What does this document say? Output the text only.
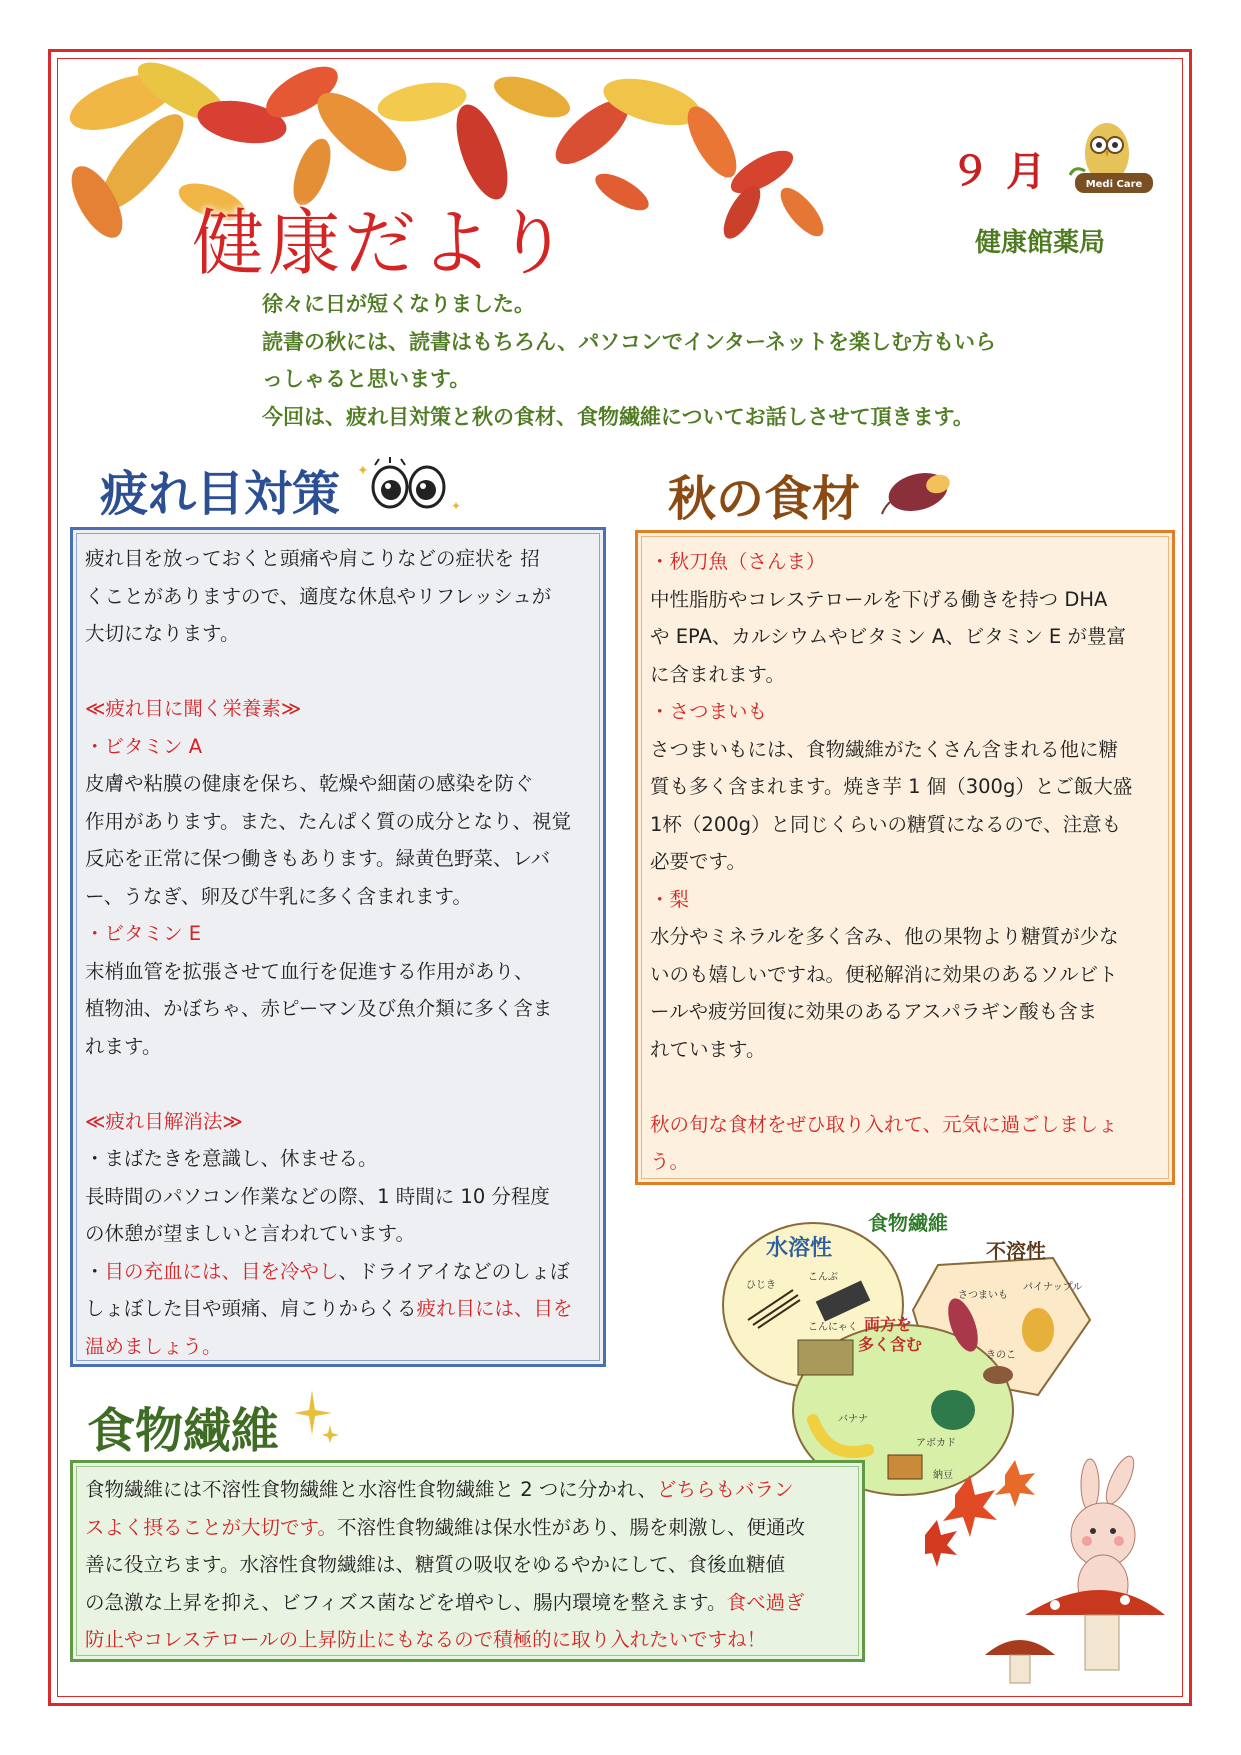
健康だより
９月 Medi Care
健康館薬局

徐々に日が短くなりました。

読書の秋には、読書はもちろん、パソコンでインターネットを楽しむ方もいら

っしゃると思います。

今回は、疲れ目対策と秋の食材、食物繊維についてお話しさせて頂きます。

疲れ目対策 ✦
✦

疲れ目を放っておくと頭痛や肩こりなどの症状を 招

くことがありますので、適度な休息やリフレッシュが

大切になります。

≪疲れ目に聞く栄養素≫

・ビタミン A

皮膚や粘膜の健康を保ち、乾燥や細菌の感染を防ぐ

作用があります。また、たんぱく質の成分となり、視覚

反応を正常に保つ働きもあります。緑黄色野菜、レバ

ー、うなぎ、卵及び牛乳に多く含まれます。

・ビタミン E

末梢血管を拡張させて血行を促進する作用があり、

植物油、かぼちゃ、赤ピーマン及び魚介類に多く含ま

れます。

≪疲れ目解消法≫

・まばたきを意識し、休ませる。

長時間のパソコン作業などの際、1 時間に 10 分程度

の休憩が望ましいと言われています。

・目の充血には、目を冷やし、ドライアイなどのしょぼ

しょぼした目や頭痛、肩こりからくる疲れ目には、目を

温めましょう。

秋の食材

・秋刀魚（さんま）

中性脂肪やコレステロールを下げる働きを持つ DHA

や EPA、カルシウムやビタミン A、ビタミン E が豊富

に含まれます。

・さつまいも

さつまいもには、食物繊維がたくさん含まれる他に糖

質も多く含まれます。焼き芋 1 個（300g）とご飯大盛

1杯（200g）と同じくらいの糖質になるので、注意も

必要です。

・梨

水分やミネラルを多く含み、他の果物より糖質が少な

いのも嬉しいですね。便秘解消に効果のあるソルビト

ールや疲労回復に効果のあるアスパラギン酸も含ま

れています。

秋の旬な食材をぜひ取り入れて、元気に過ごしましょ

う。

水溶性
食物繊維
不溶性
ひじき
こんぶ
こんにゃく
さつまいも
パイナップル
きのこ
両方を
多く含む
バナナ
アボカド
納豆
食物繊維

食物繊維には不溶性食物繊維と水溶性食物繊維と 2 つに分かれ、どちらもバラン

スよく摂ることが大切です。不溶性食物繊維は保水性があり、腸を刺激し、便通改

善に役立ちます。水溶性食物繊維は、糖質の吸収をゆるやかにして、食後血糖値

の急激な上昇を抑え、ビフィズス菌などを増やし、腸内環境を整えます。食べ過ぎ

防止やコレステロールの上昇防止にもなるので積極的に取り入れたいですね！
